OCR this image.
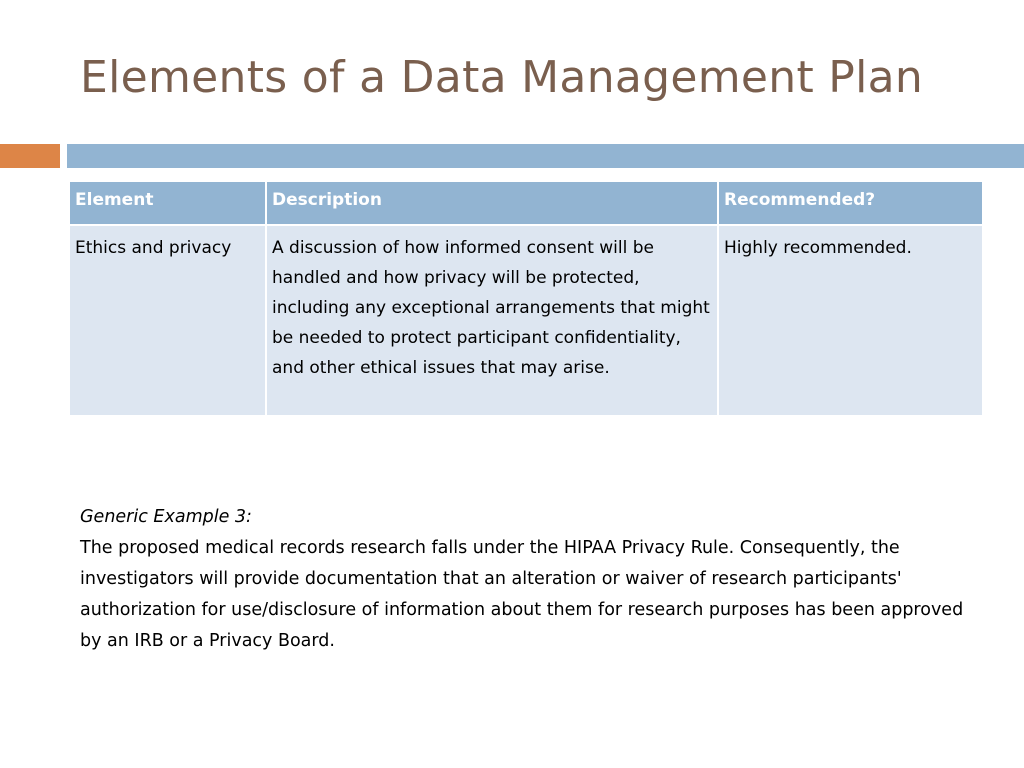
Elements of a Data Management Plan
Element	Description	Recommended?
Ethics and privacy	A discussion of how informed consent will be handled and how privacy will be protected, including any exceptional arrangements that might be needed to protect participant confidentiality, and other ethical issues that may arise.	Highly recommended.
Generic Example 3:
The proposed medical records research falls under the HIPAA Privacy Rule. Consequently, the investigators will provide documentation that an alteration or waiver of research participants' authorization for use/disclosure of information about them for research purposes has been approved by an IRB or a Privacy Board.
